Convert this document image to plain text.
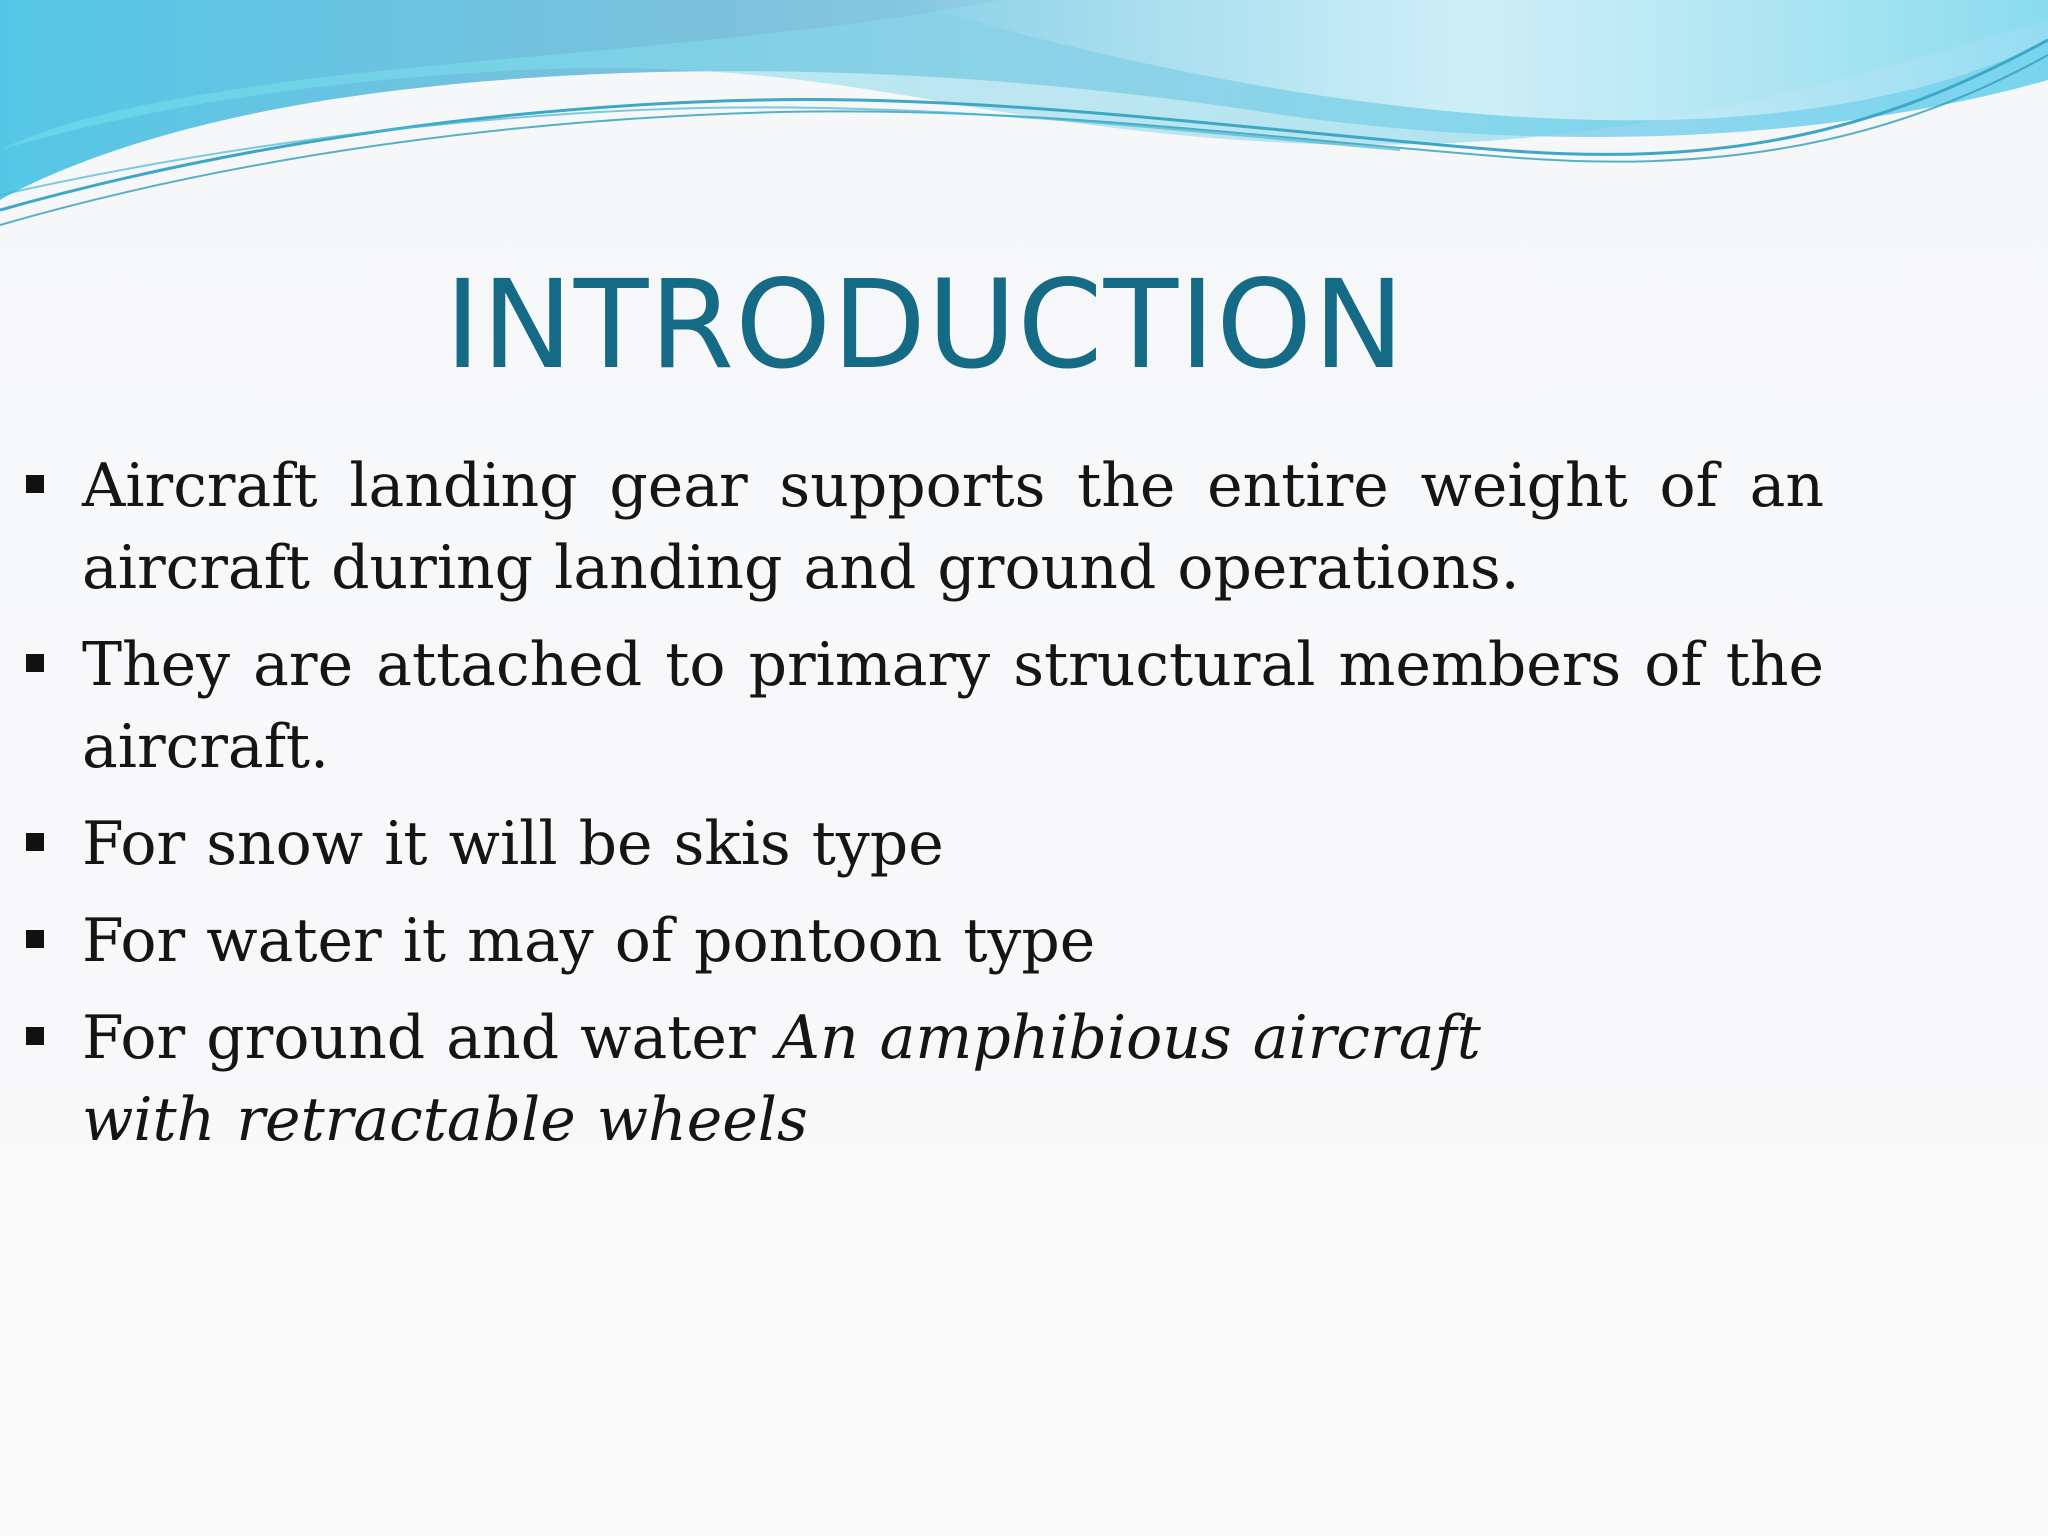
INTRODUCTION
Aircraft landing gear supports the entire weight of an aircraft during landing and ground operations.
They are attached to primary structural members of the aircraft.
For snow it will be skis type
For water it may of pontoon type
For ground and water An amphibious aircraft with retractable wheels
